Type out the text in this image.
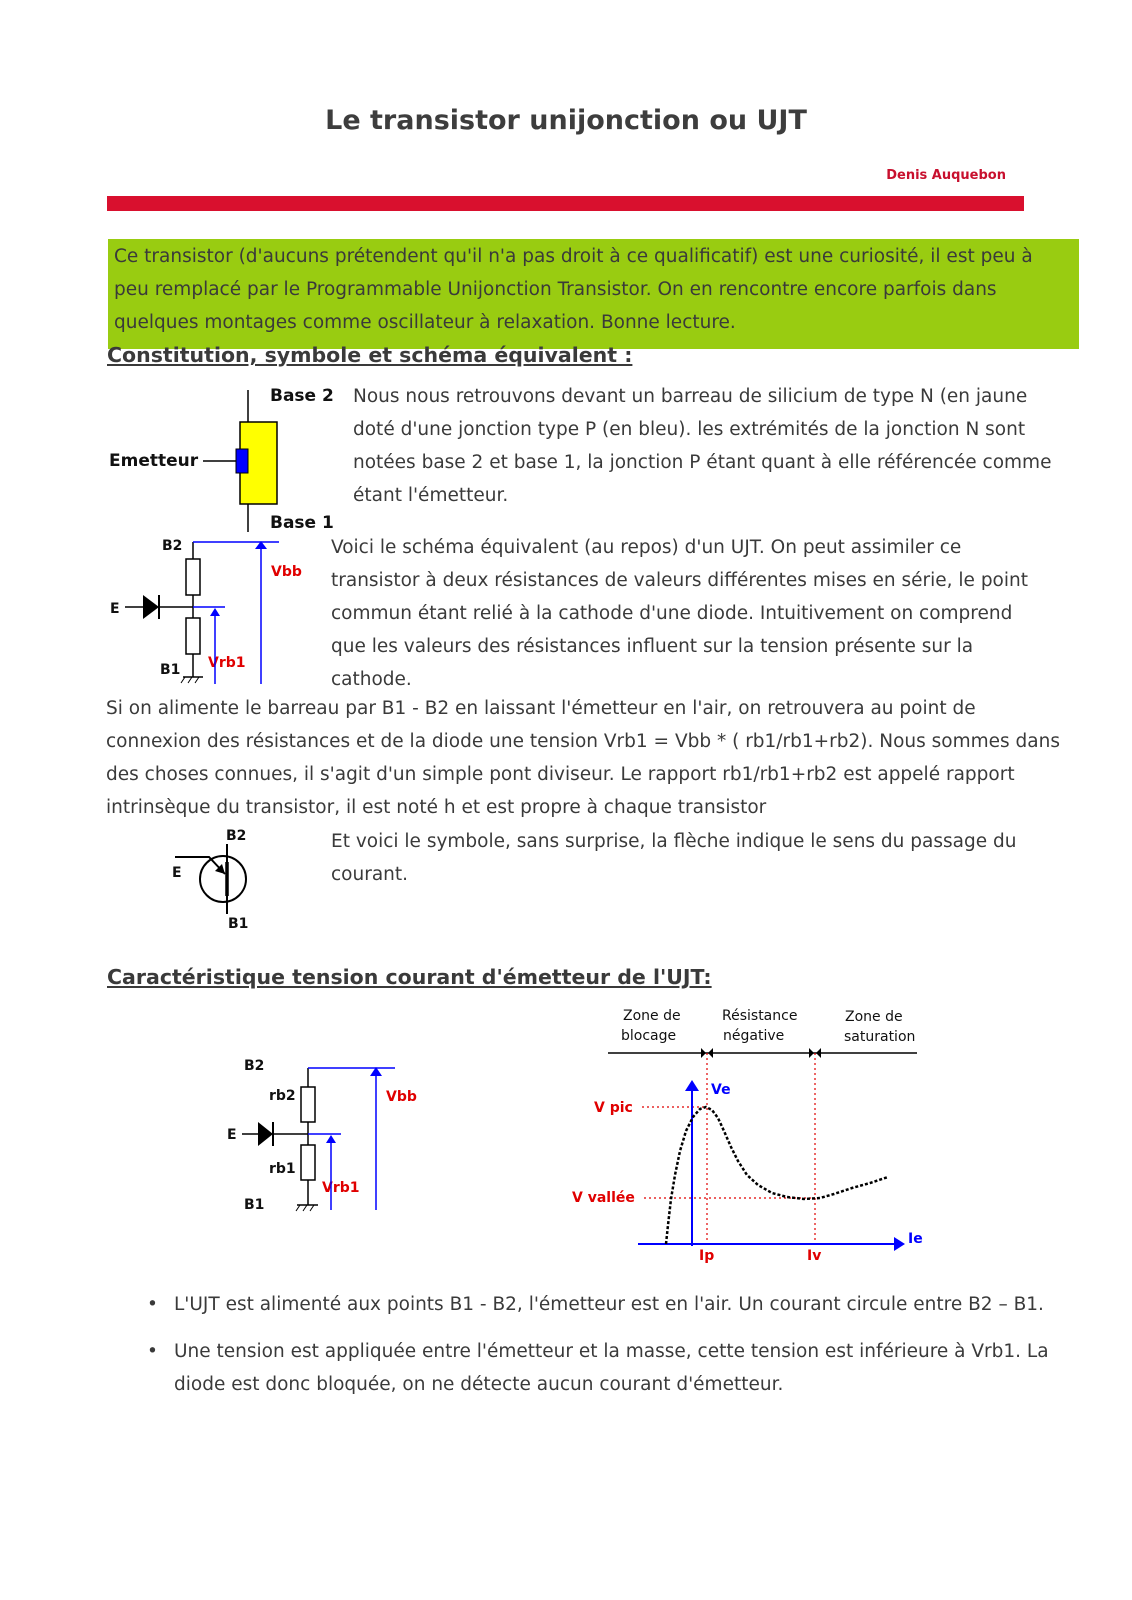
Le transistor unijonction ou UJT
Denis Auquebon
Ce transistor (d'aucuns prétendent qu'il n'a pas droit à ce qualificatif) est une curiosité, il est peu à peu remplacé par le Programmable Unijonction Transistor. On en rencontre encore parfois dans quelques montages comme oscillateur à relaxation. Bonne lecture.
Constitution, symbole et schéma équivalent :
Base 2
Base 1
Emetteur
Nous nous retrouvons devant un barreau de silicium de type N (en jaune doté d'une jonction type P (en bleu). les extrémités de la jonction N sont notées base 2 et base 1, la jonction P étant quant à elle référencée comme étant l'émetteur.
B2
E
B1
Vbb
Vrb1
Voici le schéma équivalent (au repos) d'un UJT. On peut assimiler ce transistor à deux résistances de valeurs différentes mises en série, le point commun étant relié à la cathode d'une diode. Intuitivement on comprend que les valeurs des résistances influent sur la tension présente sur la cathode.
Si on alimente le barreau par B1 - B2 en laissant l'émetteur en l'air, on retrouvera au point de connexion des résistances et de la diode une tension Vrb1 = Vbb * ( rb1/rb1+rb2). Nous sommes dans des choses connues, il s'agit d'un simple pont diviseur. Le rapport rb1/rb1+rb2 est appelé rapport intrinsèque du transistor, il est noté h et est propre à chaque transistor
B2
B1
E
Et voici le symbole, sans surprise, la flèche indique le sens du passage du courant.
Caractéristique tension courant d'émetteur de l'UJT:
B2
rb2
E
rb1
B1
Vbb
Vrb1
Zone de
blocage
Résistance
négative
Zone de
saturation
Ve
V pic
V vallée
Ie
Ip	Iv
• L'UJT est alimenté aux points B1 - B2, l'émetteur est en l'air. Un courant circule entre B2 – B1.
• Une tension est appliquée entre l'émetteur et la masse, cette tension est inférieure à Vrb1. La diode est donc bloquée, on ne détecte aucun courant d'émetteur.
